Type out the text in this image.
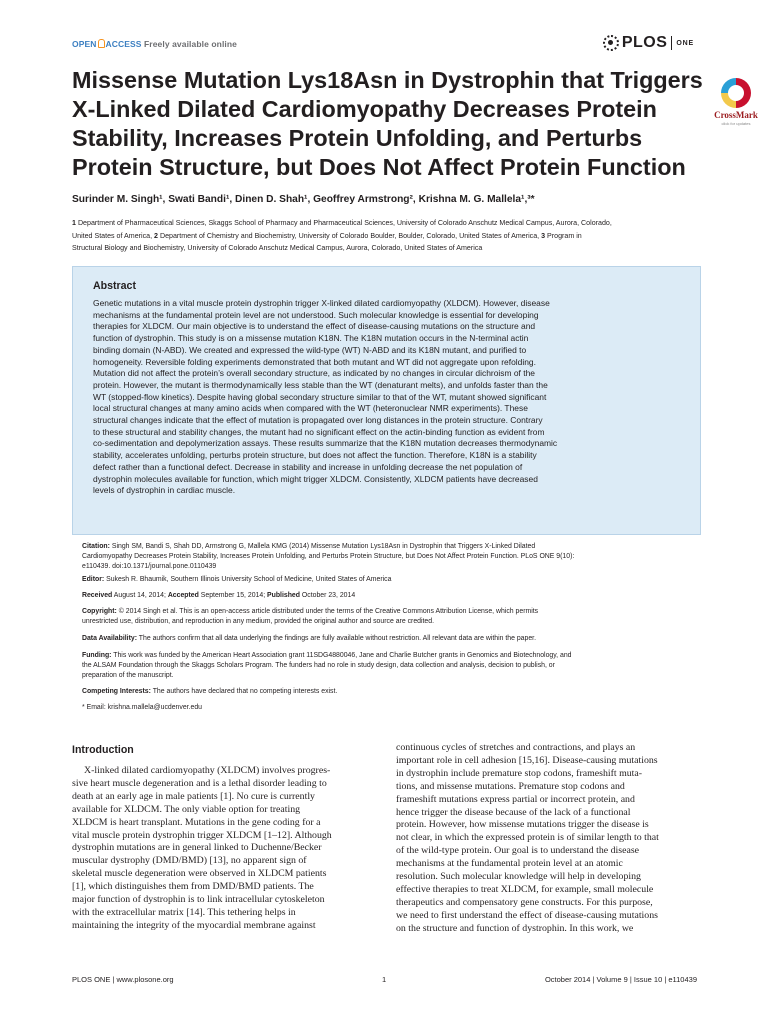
OPEN ACCESS Freely available online	PLOS ONE
Missense Mutation Lys18Asn in Dystrophin that Triggers
X-Linked Dilated Cardiomyopathy Decreases Protein
Stability, Increases Protein Unfolding, and Perturbs
Protein Structure, but Does Not Affect Protein Function
CrossMark
click for updates
Surinder M. Singh¹, Swati Bandi¹, Dinen D. Shah¹, Geoffrey Armstrong², Krishna M. G. Mallela¹,³*
1 Department of Pharmaceutical Sciences, Skaggs School of Pharmacy and Pharmaceutical Sciences, University of Colorado Anschutz Medical Campus, Aurora, Colorado,
United States of America, 2 Department of Chemistry and Biochemistry, University of Colorado Boulder, Boulder, Colorado, United States of America, 3 Program in
Structural Biology and Biochemistry, University of Colorado Anschutz Medical Campus, Aurora, Colorado, United States of America
Abstract
Genetic mutations in a vital muscle protein dystrophin trigger X-linked dilated cardiomyopathy (XLDCM). However, disease
mechanisms at the fundamental protein level are not understood. Such molecular knowledge is essential for developing
therapies for XLDCM. Our main objective is to understand the effect of disease-causing mutations on the structure and
function of dystrophin. This study is on a missense mutation K18N. The K18N mutation occurs in the N-terminal actin
binding domain (N-ABD). We created and expressed the wild-type (WT) N-ABD and its K18N mutant, and purified to
homogeneity. Reversible folding experiments demonstrated that both mutant and WT did not aggregate upon refolding.
Mutation did not affect the protein’s overall secondary structure, as indicated by no changes in circular dichroism of the
protein. However, the mutant is thermodynamically less stable than the WT (denaturant melts), and unfolds faster than the
WT (stopped-flow kinetics). Despite having global secondary structure similar to that of the WT, mutant showed significant
local structural changes at many amino acids when compared with the WT (heteronuclear NMR experiments). These
structural changes indicate that the effect of mutation is propagated over long distances in the protein structure. Contrary
to these structural and stability changes, the mutant had no significant effect on the actin-binding function as evident from
co-sedimentation and depolymerization assays. These results summarize that the K18N mutation decreases thermodynamic
stability, accelerates unfolding, perturbs protein structure, but does not affect the function. Therefore, K18N is a stability
defect rather than a functional defect. Decrease in stability and increase in unfolding decrease the net population of
dystrophin molecules available for function, which might trigger XLDCM. Consistently, XLDCM patients have decreased
levels of dystrophin in cardiac muscle.
Citation: Singh SM, Bandi S, Shah DD, Armstrong G, Mallela KMG (2014) Missense Mutation Lys18Asn in Dystrophin that Triggers X-Linked Dilated
Cardiomyopathy Decreases Protein Stability, Increases Protein Unfolding, and Perturbs Protein Structure, but Does Not Affect Protein Function. PLoS ONE 9(10):
e110439. doi:10.1371/journal.pone.0110439
Editor: Sukesh R. Bhaumik, Southern Illinois University School of Medicine, United States of America
Received August 14, 2014; Accepted September 15, 2014; Published October 23, 2014
Copyright: © 2014 Singh et al. This is an open-access article distributed under the terms of the Creative Commons Attribution License, which permits
unrestricted use, distribution, and reproduction in any medium, provided the original author and source are credited.
Data Availability: The authors confirm that all data underlying the findings are fully available without restriction. All relevant data are within the paper.
Funding: This work was funded by the American Heart Association grant 11SDG4880046, Jane and Charlie Butcher grants in Genomics and Biotechnology, and
the ALSAM Foundation through the Skaggs Scholars Program. The funders had no role in study design, data collection and analysis, decision to publish, or
preparation of the manuscript.
Competing Interests: The authors have declared that no competing interests exist.
* Email: krishna.mallela@ucdenver.edu
Introduction
X-linked dilated cardiomyopathy (XLDCM) involves progres-
sive heart muscle degeneration and is a lethal disorder leading to
death at an early age in male patients [1]. No cure is currently
available for XLDCM. The only viable option for treating
XLDCM is heart transplant. Mutations in the gene coding for a
vital muscle protein dystrophin trigger XLDCM [1–12]. Although
dystrophin mutations are in general linked to Duchenne/Becker
muscular dystrophy (DMD/BMD) [13], no apparent sign of
skeletal muscle degeneration were observed in XLDCM patients
[1], which distinguishes them from DMD/BMD patients. The
major function of dystrophin is to link intracellular cytoskeleton
with the extracellular matrix [14]. This tethering helps in
maintaining the integrity of the myocardial membrane against
continuous cycles of stretches and contractions, and plays an
important role in cell adhesion [15,16]. Disease-causing mutations
in dystrophin include premature stop codons, frameshift muta-
tions, and missense mutations. Premature stop codons and
frameshift mutations express partial or incorrect protein, and
hence trigger the disease because of the lack of a functional
protein. However, how missense mutations trigger the disease is
not clear, in which the expressed protein is of similar length to that
of the wild-type protein. Our goal is to understand the disease
mechanisms at the fundamental protein level at an atomic
resolution. Such molecular knowledge will help in developing
effective therapies to treat XLDCM, for example, small molecule
therapeutics and compensatory gene constructs. For this purpose,
we need to first understand the effect of disease-causing mutations
on the structure and function of dystrophin. In this work, we
PLOS ONE | www.plosone.org	1	October 2014 | Volume 9 | Issue 10 | e110439
